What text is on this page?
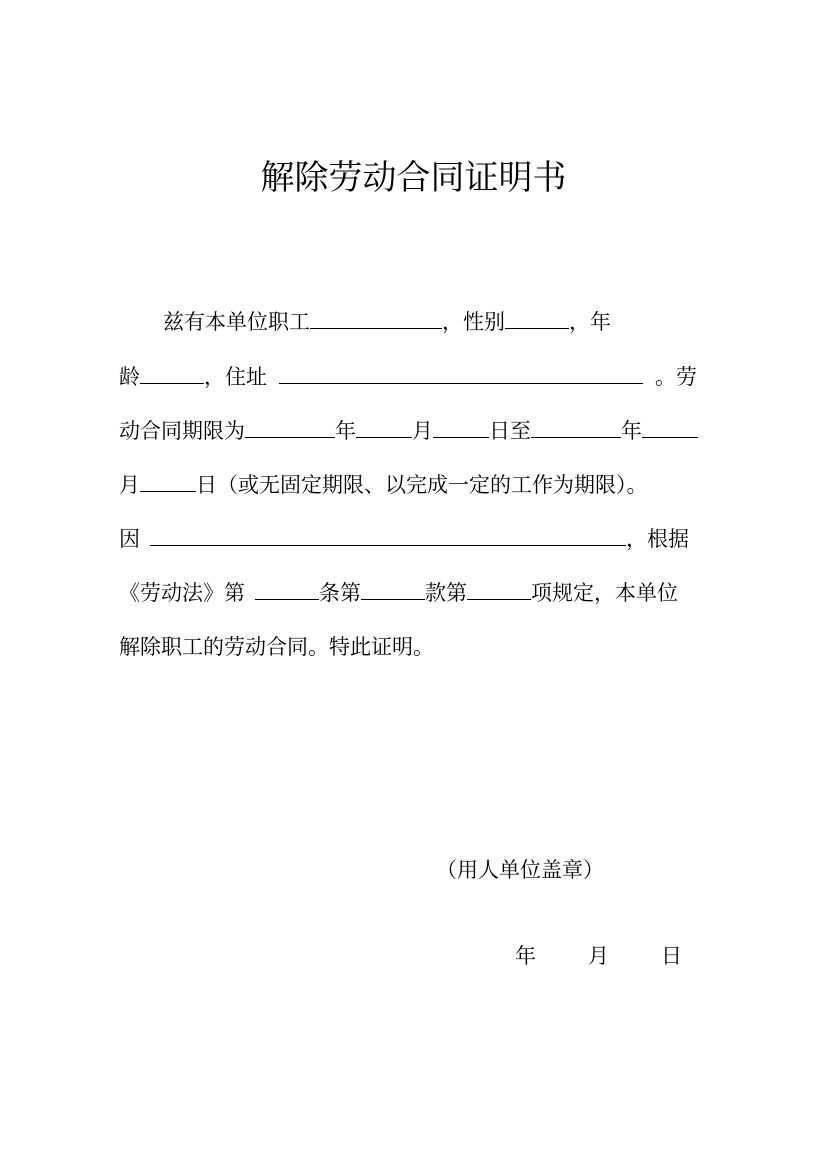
解除劳动合同证明书
兹有本单位职工	，性别	，年
龄	，住址	。劳
动合同期限为	年	月	日至	年
月	日（或无固定期限、以完成一定的工作为期限）。
因	，根据
《劳动法》第	条第	款第	项规定，本单位
解除职工的劳动合同。特此证明。
（用人单位盖章）
年 月 日
